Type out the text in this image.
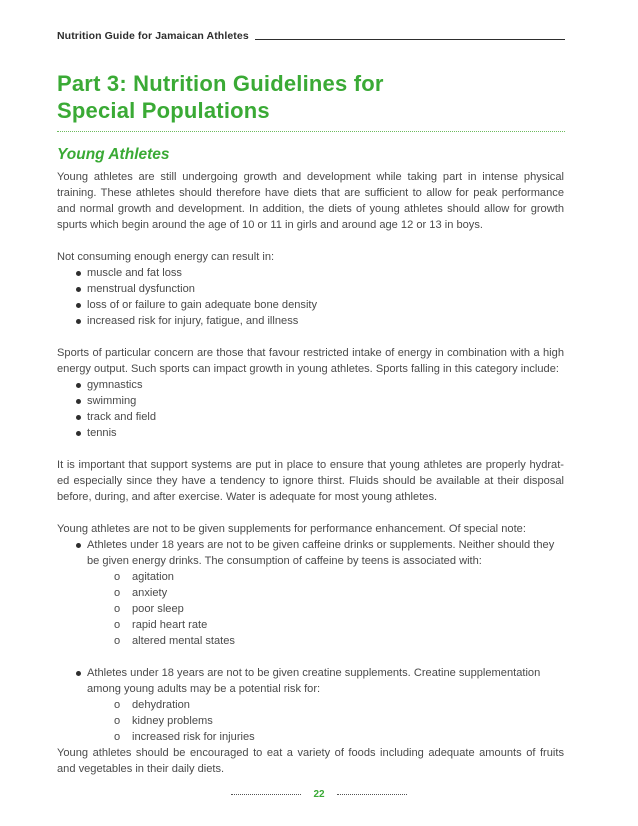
Nutrition Guide for Jamaican Athletes
Part 3: Nutrition Guidelines for
Special Populations
Young Athletes

Young athletes are still undergoing growth and development while taking part in intense physical training. These athletes should therefore have diets that are sufficient to allow for peak performance and normal growth and development. In addition, the diets of young athletes should allow for growth spurts which begin around the age of 10 or 11 in girls and around age 12 or 13 in boys.

Not consuming enough energy can result in:

muscle and fat loss
menstrual dysfunction
loss of or failure to gain adequate bone density
increased risk for injury, fatigue, and illness

Sports of particular concern are those that favour restricted intake of energy in combination with a high energy output. Such sports can impact growth in young athletes. Sports falling in this category include:

gymnastics
swimming
track and field
tennis

It is important that support systems are put in place to ensure that young athletes are properly hydrat-ed especially since they have a tendency to ignore thirst. Fluids should be available at their disposal before, during, and after exercise. Water is adequate for most young athletes.

Young athletes are not to be given supplements for performance enhancement. Of special note:

Athletes under 18 years are not to be given caffeine drinks or supplements. Neither should they be given energy drinks. The consumption of caffeine by teens is associated with:
o agitation
o anxiety
o poor sleep
o rapid heart rate
o altered mental states
Athletes under 18 years are not to be given creatine supplements. Creatine supplementation among young adults may be a potential risk for:
o dehydration
o kidney problems
o increased risk for injuries

Young athletes should be encouraged to eat a variety of foods including adequate amounts of fruits and vegetables in their daily diets.

22
